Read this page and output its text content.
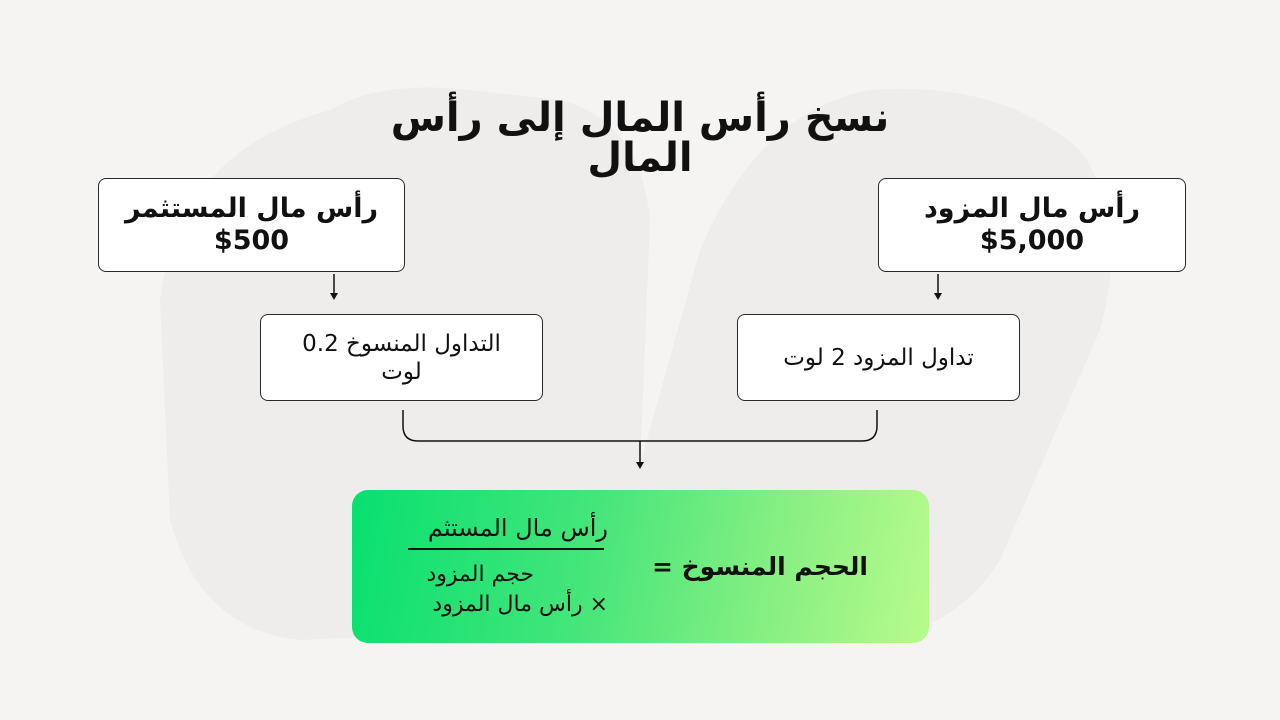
نسخ رأس المال إلى رأس المال
رأس مال المستثمر 500$
رأس مال المزود 5,000$
التداول المنسوخ 0.2 لوت
تداول المزود 2 لوت
الحجم المنسوخ =
رأس مال المستثم
حجم المزود
× رأس مال المزود
